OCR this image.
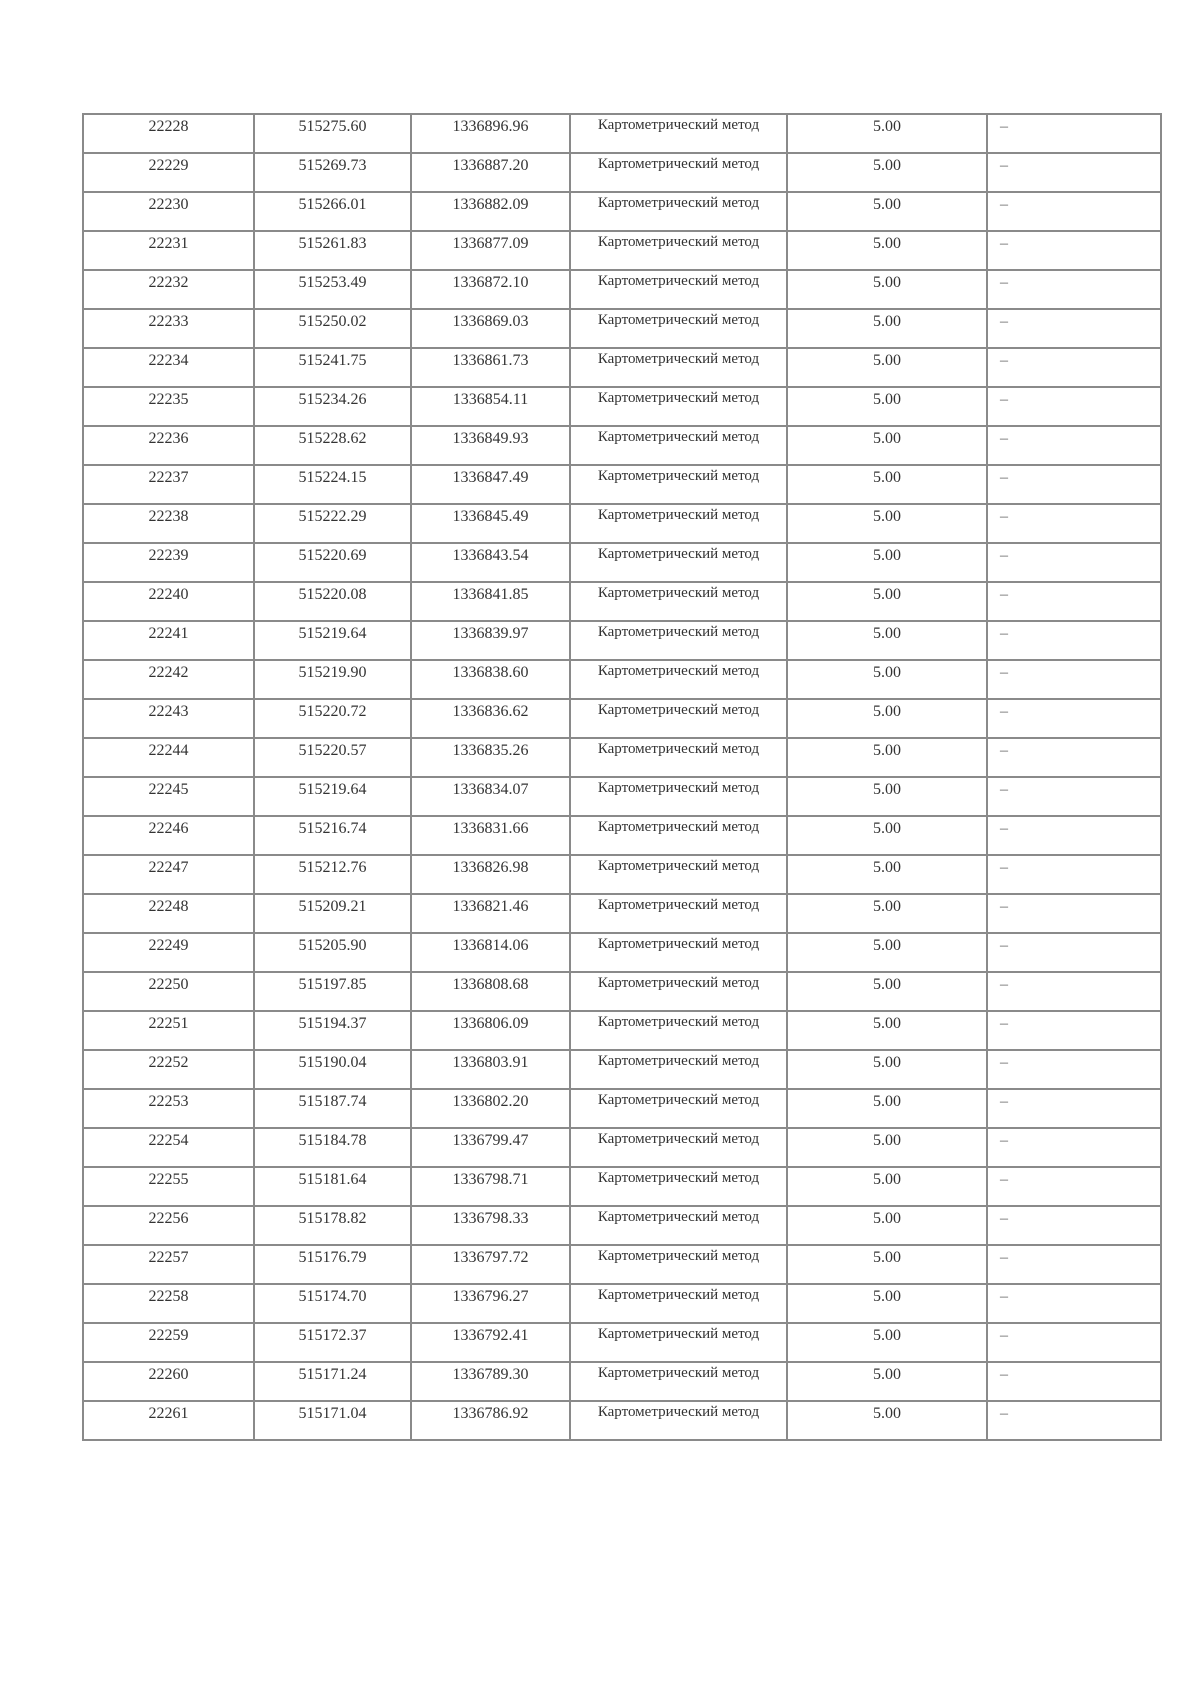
22228	515275.60	1336896.96	Картометрический метод	5.00	–
22229	515269.73	1336887.20	Картометрический метод	5.00	–
22230	515266.01	1336882.09	Картометрический метод	5.00	–
22231	515261.83	1336877.09	Картометрический метод	5.00	–
22232	515253.49	1336872.10	Картометрический метод	5.00	–
22233	515250.02	1336869.03	Картометрический метод	5.00	–
22234	515241.75	1336861.73	Картометрический метод	5.00	–
22235	515234.26	1336854.11	Картометрический метод	5.00	–
22236	515228.62	1336849.93	Картометрический метод	5.00	–
22237	515224.15	1336847.49	Картометрический метод	5.00	–
22238	515222.29	1336845.49	Картометрический метод	5.00	–
22239	515220.69	1336843.54	Картометрический метод	5.00	–
22240	515220.08	1336841.85	Картометрический метод	5.00	–
22241	515219.64	1336839.97	Картометрический метод	5.00	–
22242	515219.90	1336838.60	Картометрический метод	5.00	–
22243	515220.72	1336836.62	Картометрический метод	5.00	–
22244	515220.57	1336835.26	Картометрический метод	5.00	–
22245	515219.64	1336834.07	Картометрический метод	5.00	–
22246	515216.74	1336831.66	Картометрический метод	5.00	–
22247	515212.76	1336826.98	Картометрический метод	5.00	–
22248	515209.21	1336821.46	Картометрический метод	5.00	–
22249	515205.90	1336814.06	Картометрический метод	5.00	–
22250	515197.85	1336808.68	Картометрический метод	5.00	–
22251	515194.37	1336806.09	Картометрический метод	5.00	–
22252	515190.04	1336803.91	Картометрический метод	5.00	–
22253	515187.74	1336802.20	Картометрический метод	5.00	–
22254	515184.78	1336799.47	Картометрический метод	5.00	–
22255	515181.64	1336798.71	Картометрический метод	5.00	–
22256	515178.82	1336798.33	Картометрический метод	5.00	–
22257	515176.79	1336797.72	Картометрический метод	5.00	–
22258	515174.70	1336796.27	Картометрический метод	5.00	–
22259	515172.37	1336792.41	Картометрический метод	5.00	–
22260	515171.24	1336789.30	Картометрический метод	5.00	–
22261	515171.04	1336786.92	Картометрический метод	5.00	–
